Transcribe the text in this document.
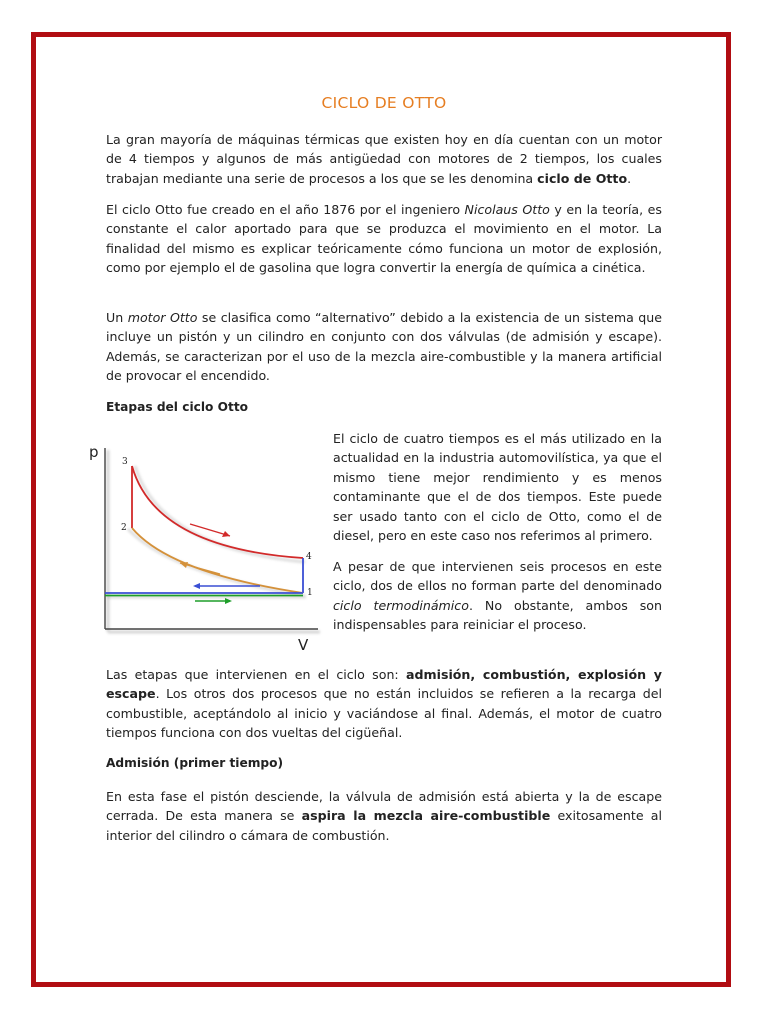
CICLO DE OTTO

La gran mayoría de máquinas térmicas que existen hoy en día cuentan con un motor de 4 tiempos y algunos de más antigüedad con motores de 2 tiempos, los cuales trabajan mediante una serie de procesos a los que se les denomina ciclo de Otto.

El ciclo Otto fue creado en el año 1876 por el ingeniero Nicolaus Otto y en la teoría, es constante el calor aportado para que se produzca el movimiento en el motor. La finalidad del mismo es explicar teóricamente cómo funciona un motor de explosión, como por ejemplo el de gasolina que logra convertir la energía de química a cinética.

Un motor Otto se clasifica como “alternativo” debido a la existencia de un sistema que incluye un pistón y un cilindro en conjunto con dos válvulas (de admisión y escape). Además, se caracterizan por el uso de la mezcla aire-combustible y la manera artificial de provocar el encendido.

Etapas del ciclo Otto
p
V
3
2
4
1

El ciclo de cuatro tiempos es el más utilizado en la actualidad en la industria automovilística, ya que el mismo tiene mejor rendimiento y es menos contaminante que el de dos tiempos. Este puede ser usado tanto con el ciclo de Otto, como el de diesel, pero en este caso nos referimos al primero.

A pesar de que intervienen seis procesos en este ciclo, dos de ellos no forman parte del denominado ciclo termodinámico. No obstante, ambos son indispensables para reiniciar el proceso.

Las etapas que intervienen en el ciclo son: admisión, combustión, explosión y escape. Los otros dos procesos que no están incluidos se refieren a la recarga del combustible, aceptándolo al inicio y vaciándose al final. Además, el motor de cuatro tiempos funciona con dos vueltas del cigüeñal.

Admisión (primer tiempo)

En esta fase el pistón desciende, la válvula de admisión está abierta y la de escape cerrada. De esta manera se aspira la mezcla aire-combustible exitosamente al interior del cilindro o cámara de combustión.
